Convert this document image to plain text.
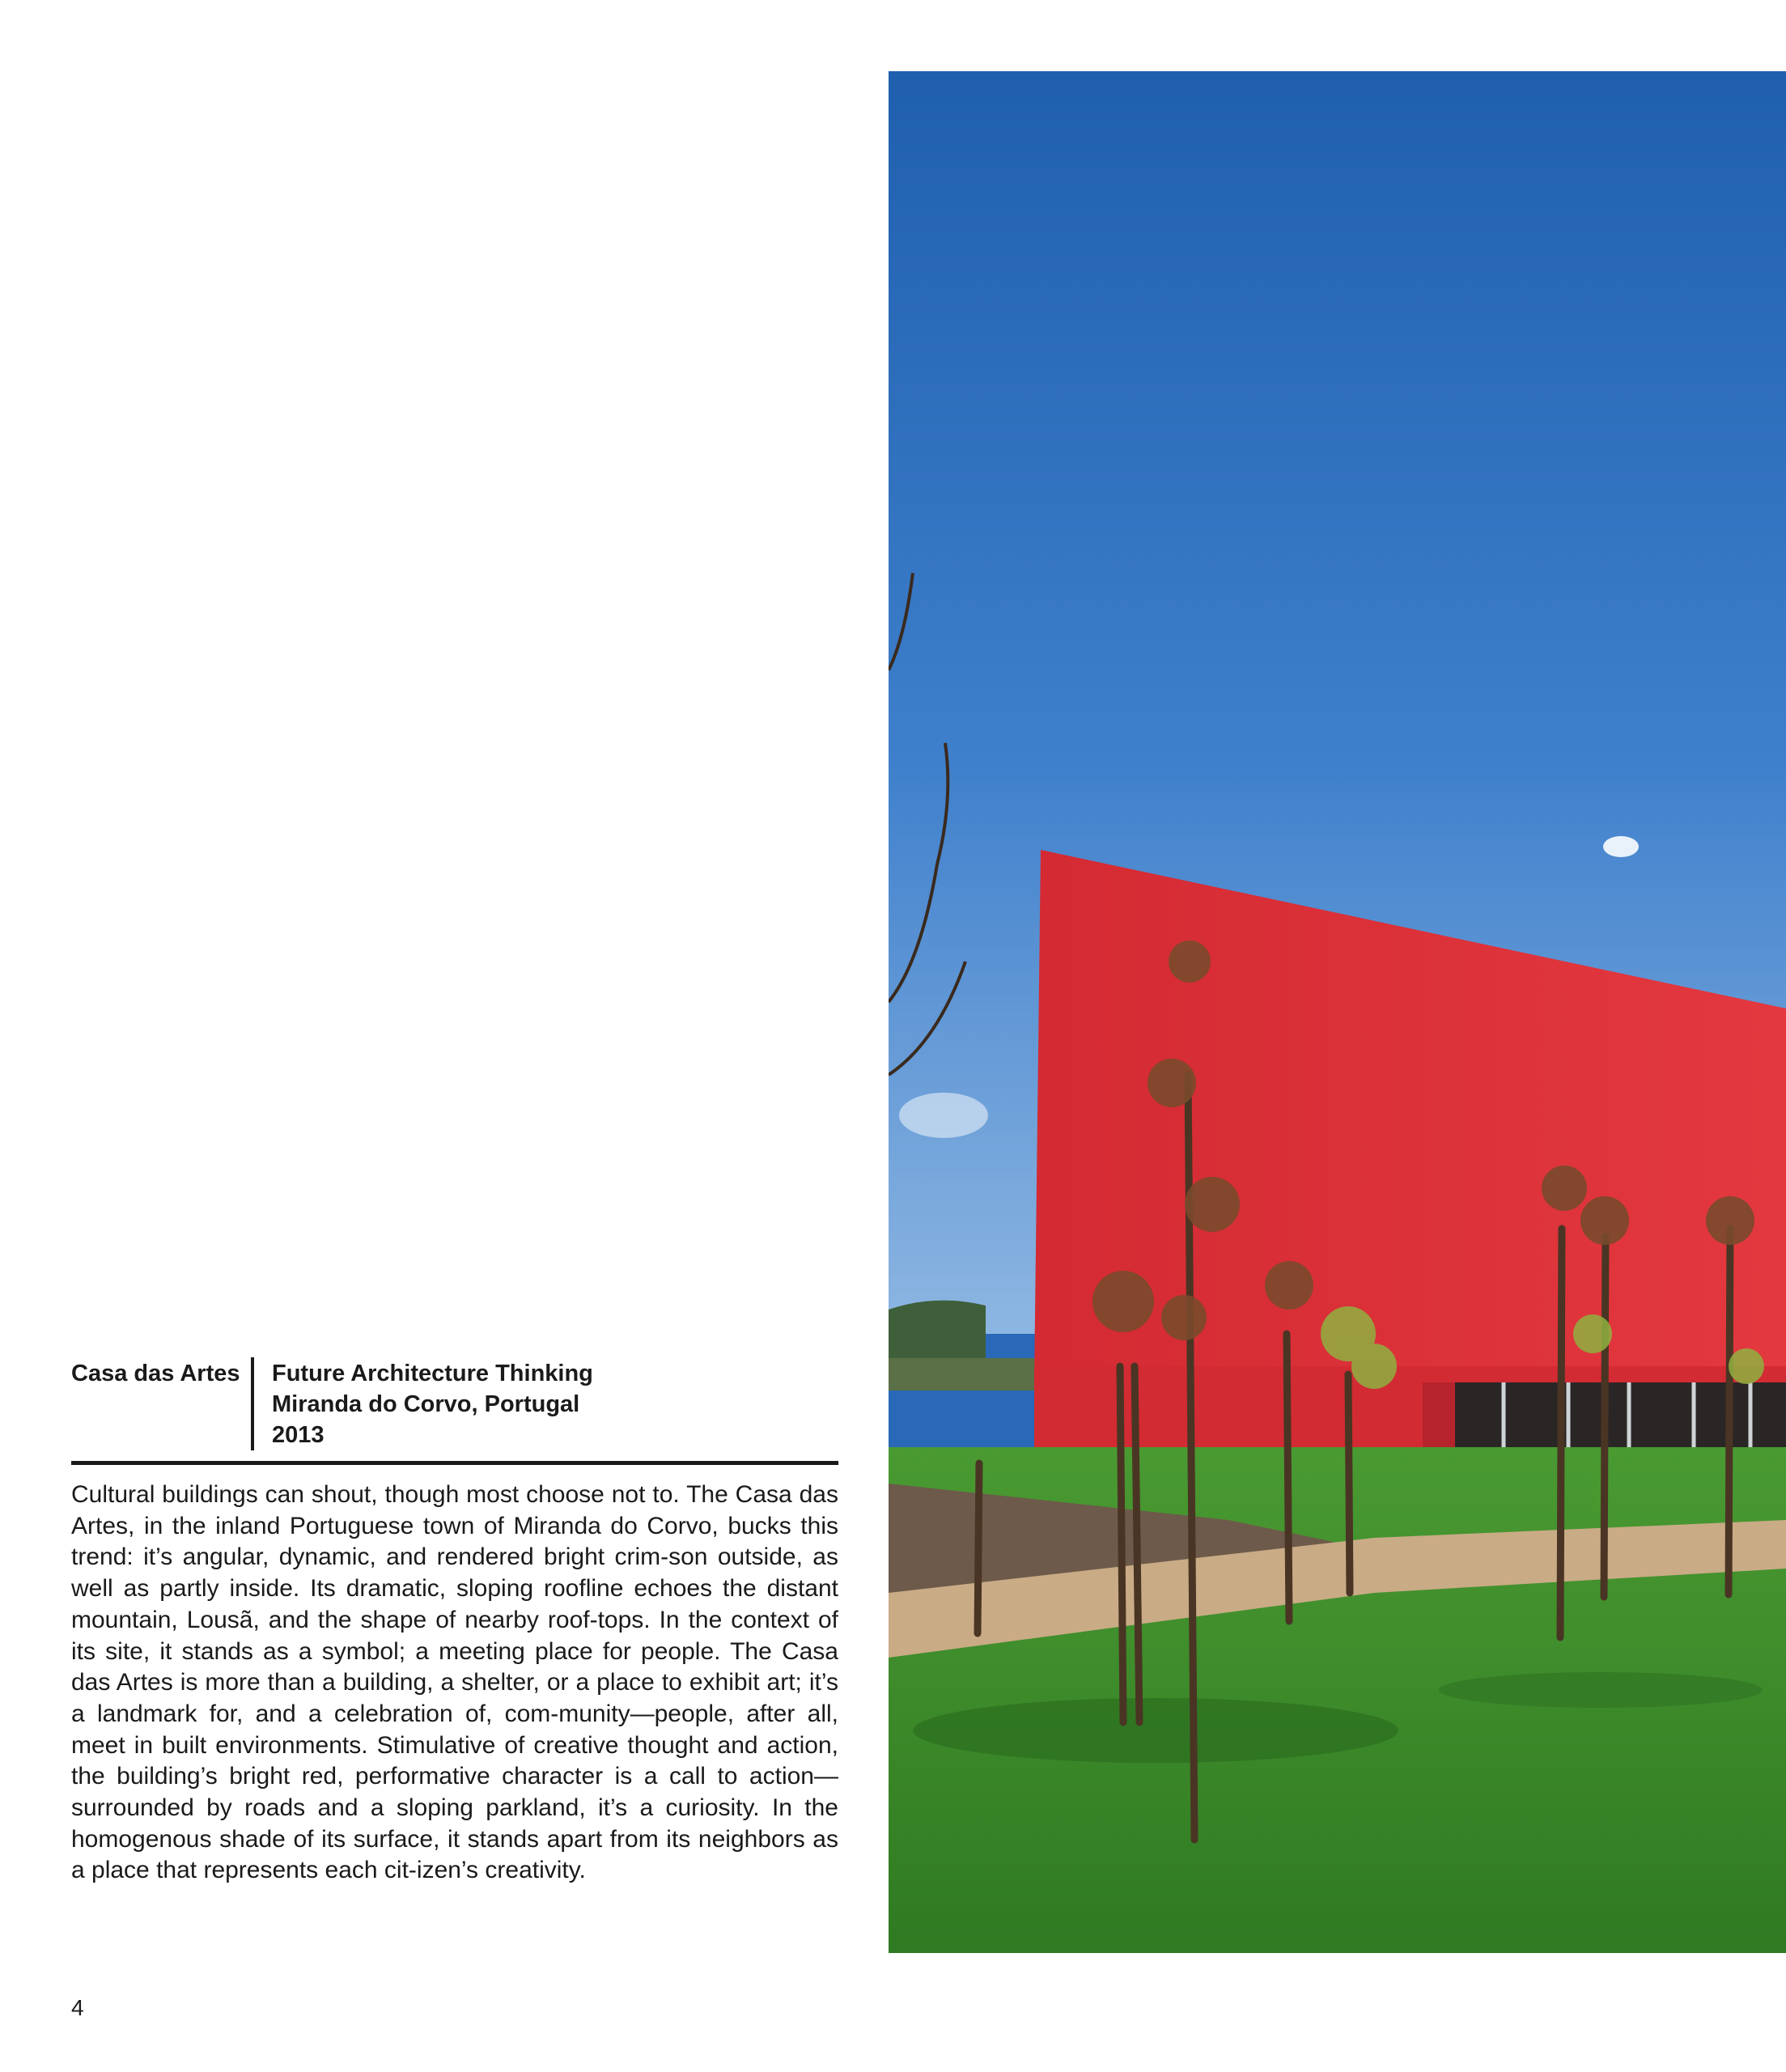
Casa das Artes	Future Architecture Thinking
Miranda do Corvo, Portugal
2013

Cultural buildings can shout, though most choose not to. The Casa das Artes, in the inland Portuguese town of Miranda do Corvo, bucks this trend: it’s angular, dynamic, and rendered bright crim-son outside, as well as partly inside. Its dramatic, sloping roofline echoes the distant mountain, Lousã, and the shape of nearby roof-tops. In the context of its site, it stands as a symbol; a meeting place for people. The Casa das Artes is more than a building, a shelter, or a place to exhibit art; it’s a landmark for, and a celebration of, com-munity—people, after all, meet in built environments. Stimulative of creative thought and action, the building’s bright red, performative character is a call to action—surrounded by roads and a sloping parkland, it’s a curiosity. In the homogenous shade of its surface, it stands apart from its neighbors as a place that represents each cit-izen’s creativity.

4
